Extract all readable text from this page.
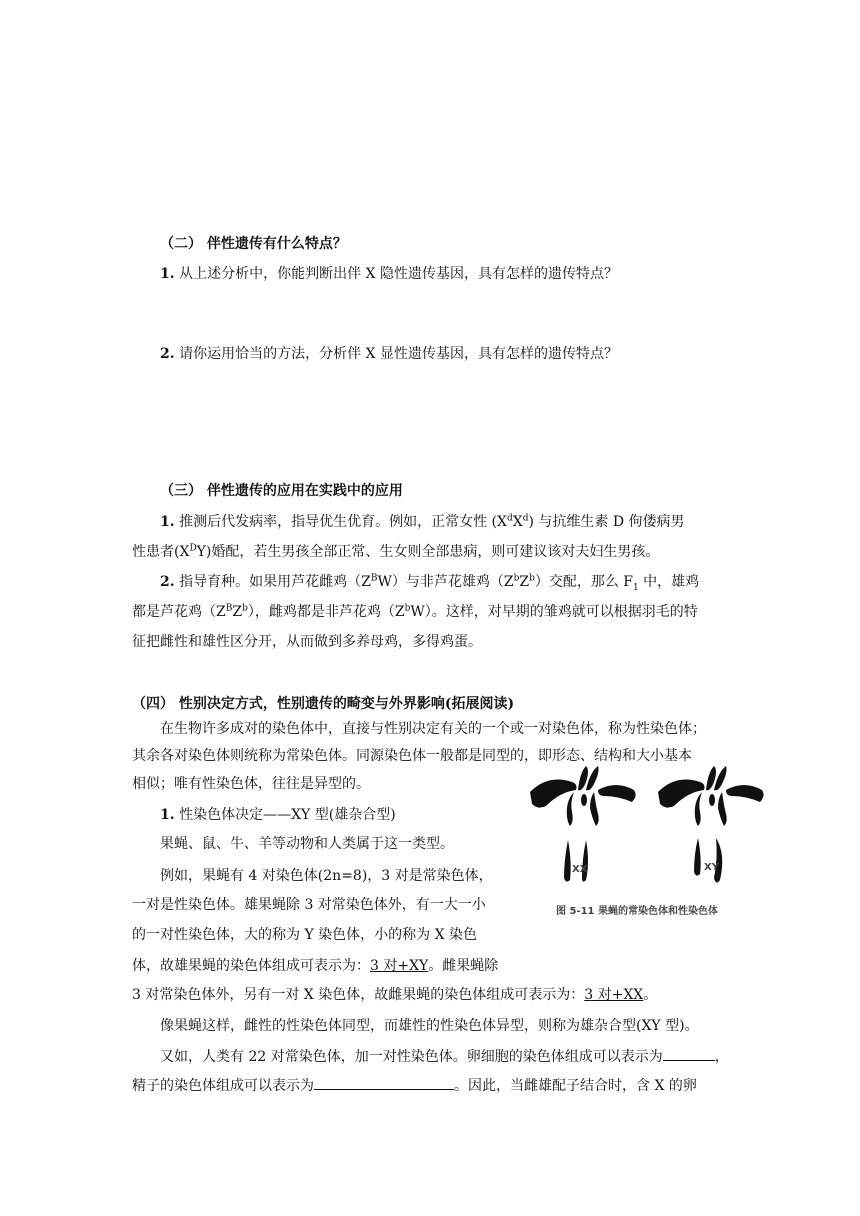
（二） 伴性遗传有什么特点？
1. 从上述分析中，你能判断出伴 X 隐性遗传基因，具有怎样的遗传特点？
2. 请你运用恰当的方法，分析伴 X 显性遗传基因，具有怎样的遗传特点？
（三） 伴性遗传的应用在实践中的应用
1. 推测后代发病率，指导优生优育。例如，正常女性 $(X^dX^d)$ 与抗维生素 D 佝偻病男
性患者$(X^DY)$婚配，若生男孩全部正常、生女则全部患病，则可建议该对夫妇生男孩。
2. 指导育种。如果用芦花雌鸡$(Z^BW)$与非芦花雄鸡$(Z^bZ^b)$交配，那么 $F_1$ 中，雄鸡
都是芦花鸡$(Z^BZ^b)$，雌鸡都是非芦花鸡$(Z^bW)$。这样，对早期的雏鸡就可以根据羽毛的特
征把雌性和雄性区分开，从而做到多养母鸡，多得鸡蛋。
（四） 性别决定方式，性别遗传的畸变与外界影响(拓展阅读)
在生物许多成对的染色体中，直接与性别决定有关的一个或一对染色体，称为性染色体；
其余各对染色体则统称为常染色体。同源染色体一般都是同型的，即形态、结构和大小基本
相似；唯有性染色体，往往是异型的。
1. 性染色体决定——XY 型(雄杂合型)
果蝇、鼠、牛、羊等动物和人类属于这一类型。
例如，果蝇有 4 对染色体(2n=8)，3 对是常染色体，
一对是性染色体。雄果蝇除 3 对常染色体外，有一大一小
的一对性染色体，大的称为 Y 染色体，小的称为 X 染色
体，故雄果蝇的染色体组成可表示为：3 对+XY。雌果蝇除
3 对常染色体外，另有一对 X 染色体，故雌果蝇的染色体组成可表示为：3 对+XX。
像果蝇这样，雌性的性染色体同型，而雄性的性染色体异型，则称为雄杂合型(XY 型)。
又如，人类有 22 对常染色体，加一对性染色体。卵细胞的染色体组成可以表示为	，
精子的染色体组成可以表示为	。因此，当雌雄配子结合时，含 X 的卵
XX	XY
图 5-11 果蝇的常染色体和性染色体
